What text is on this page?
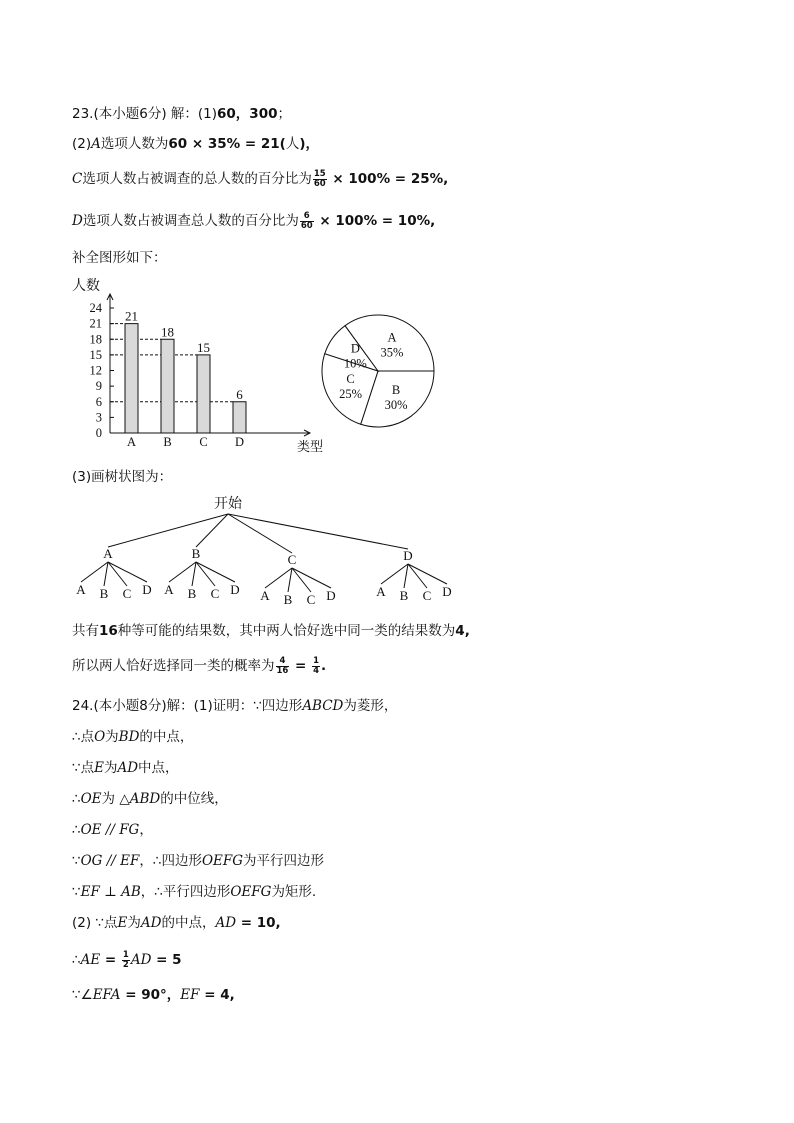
23.(本小题6分) 解：(1)60，300；
(2)A选项人数为60 × 35% = 21(人)，
C选项人数占被调查的总人数的百分比为 $\frac{15}{60} \times 100\% = 25\%$,
D选项人数占被调查总人数的百分比为 $\frac{6}{60} \times 100\% = 10\%$,
补全图形如下：
人数
类型
0
3
6
9
12
15
18
21
24
21
A
18
B
15
C
6
D
B
30%
C
25%
D
10%
A
35%
(3)画树状图为：
开始
A
A B C D
B
A B C D
C
A B C D
D
A B C D
共有16种等可能的结果数，其中两人恰好选中同一类的结果数为4,
所以两人恰好选择同一类的概率为 $\frac{4}{16} = \frac{1}{4}$ .
24.(本小题8分)解：(1)证明：∵四边形ABCD为菱形，
∴点O为BD的中点，
∵点E为AD中点，
∴OE为 △ABD的中位线，
∴OE // FG，
∵OG // EF，∴四边形OEFG为平行四边形
∵EF ⊥ AB，∴平行四边形OEFG为矩形.
(2) ∵点E为AD的中点，AD = 10,
∴AE = $\frac{1}{2}$ AD = 5
∵∠EFA = 90°，EF = 4,
